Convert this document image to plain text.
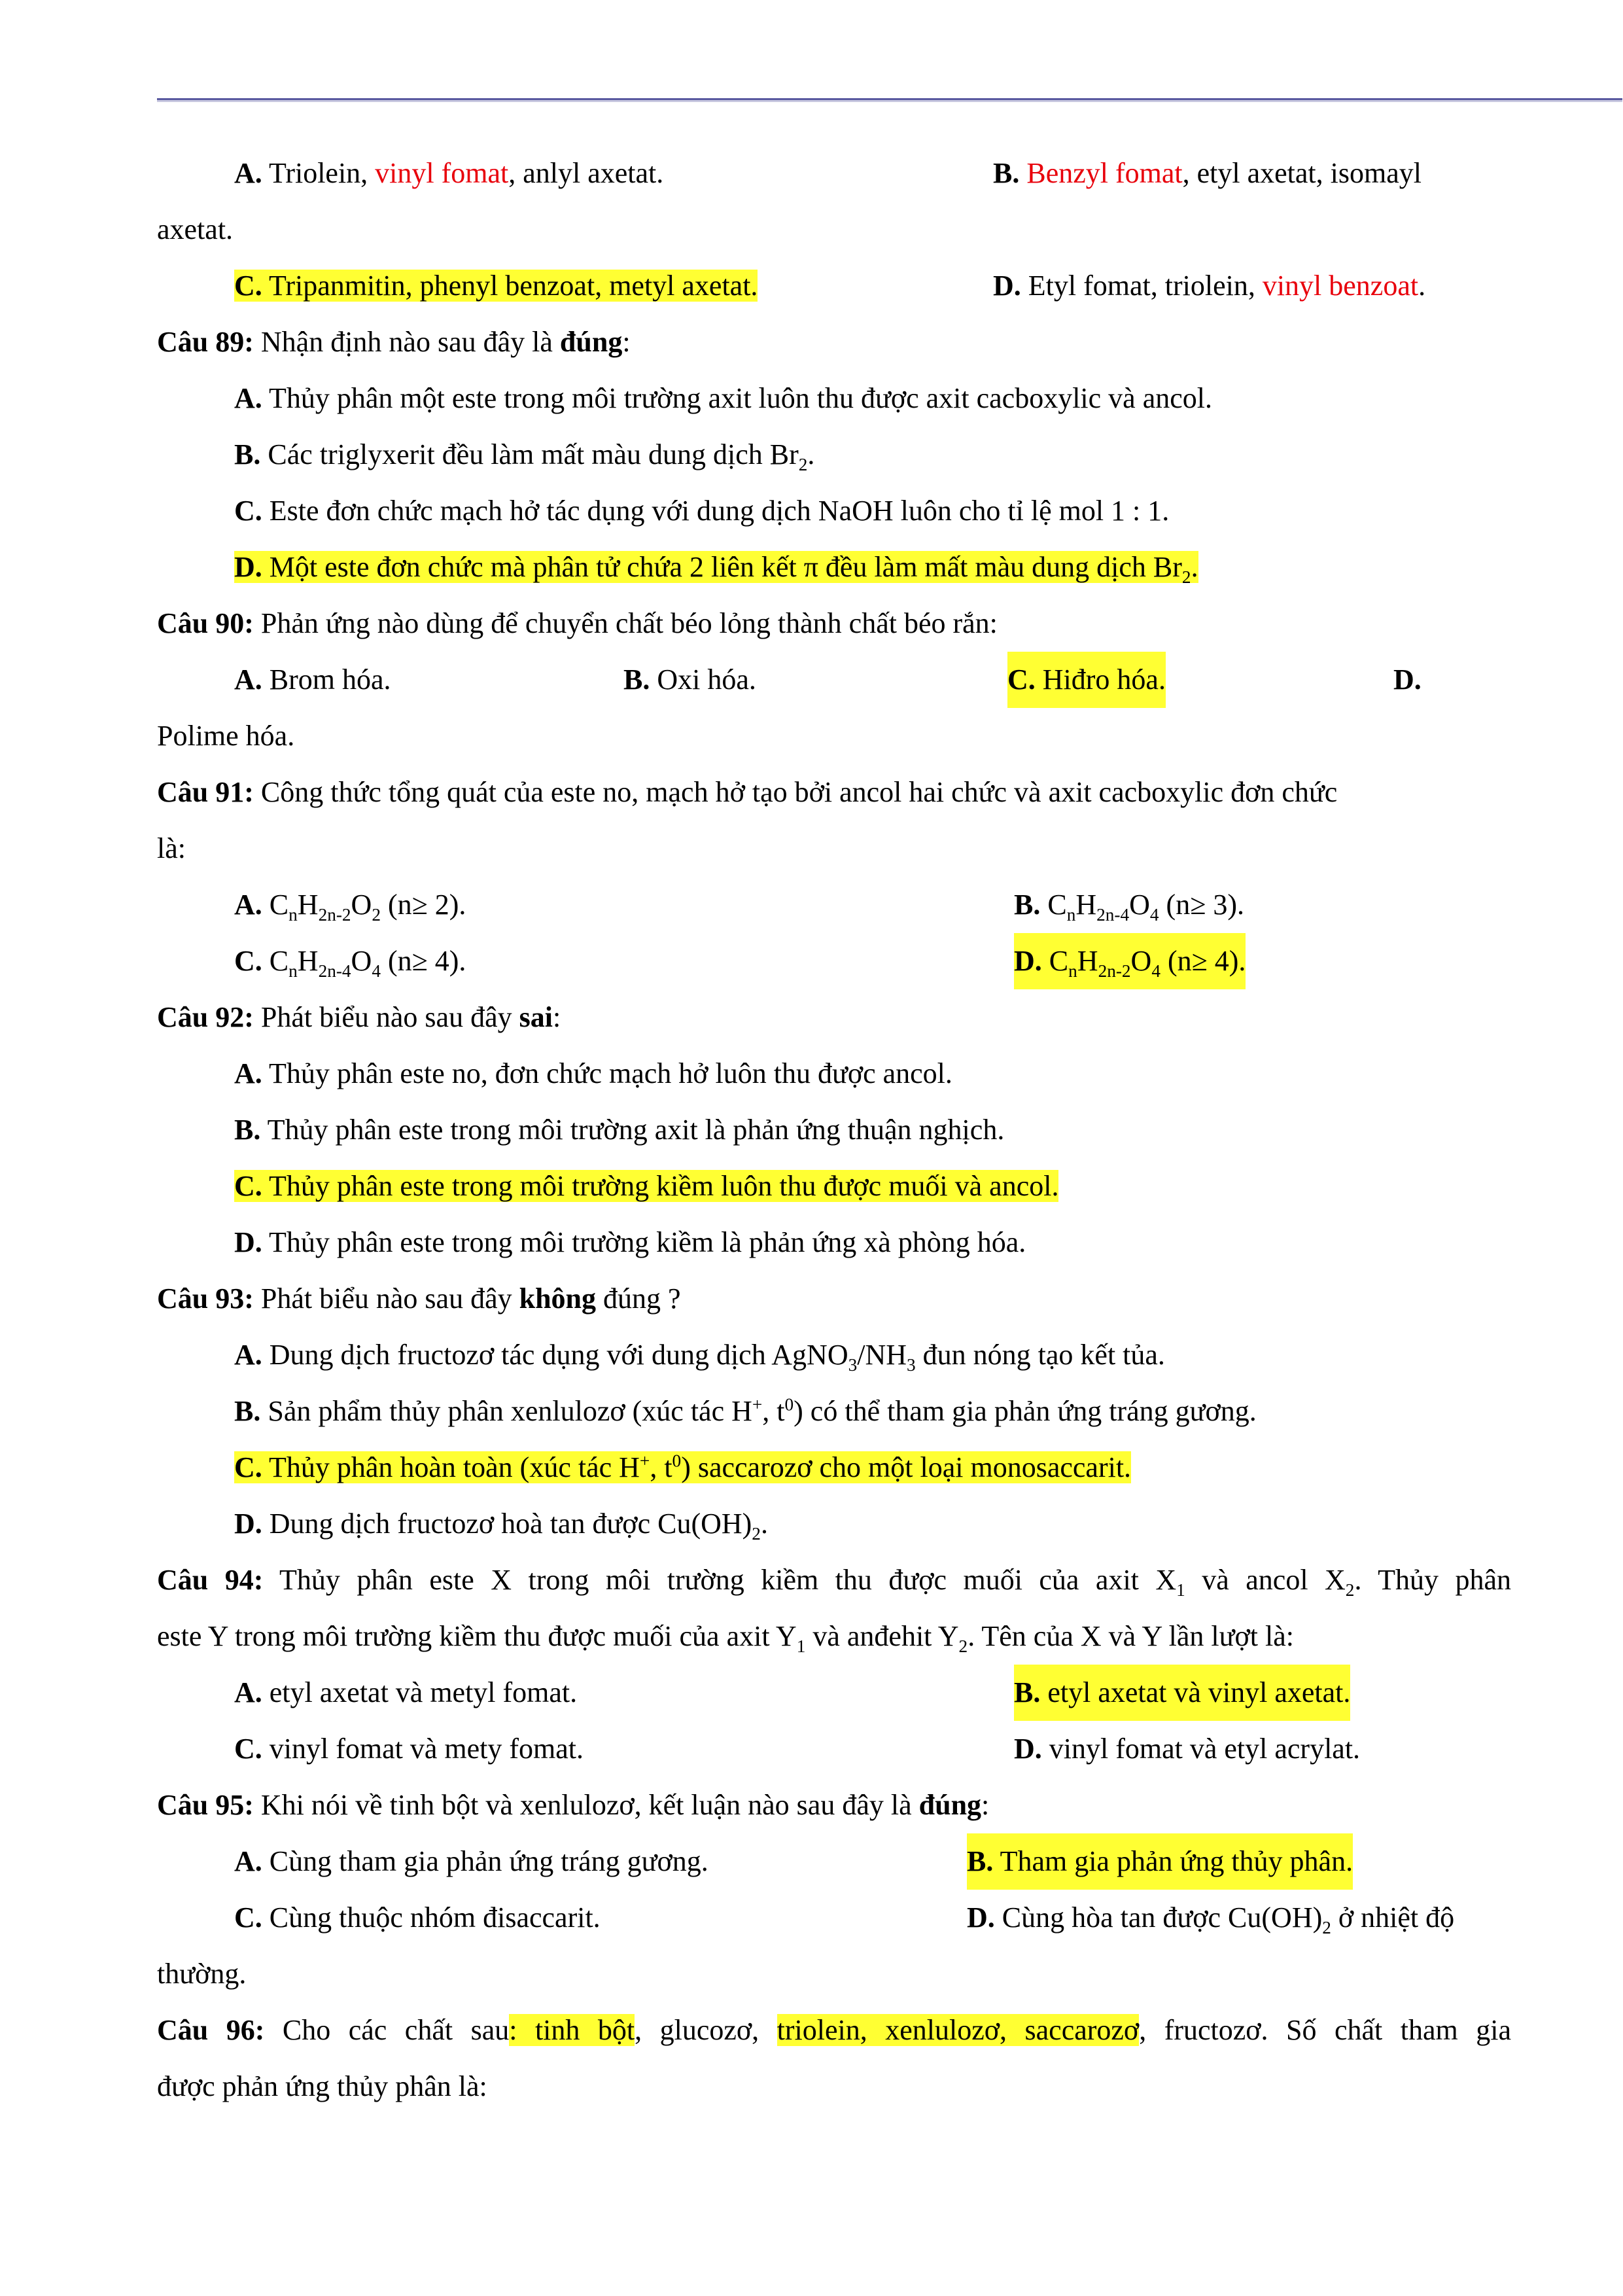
A. Triolein, vinyl fomat, anlyl axetat.	B. Benzyl fomat, etyl axetat, isomayl
axetat.
C. Tripanmitin, phenyl benzoat, metyl axetat.	D. Etyl fomat, triolein, vinyl benzoat.
Câu 89: Nhận định nào sau đây là đúng:
A. Thủy phân một este trong môi trường axit luôn thu được axit cacboxylic và ancol.
B. Các triglyxerit đều làm mất màu dung dịch $Br_2$.
C. Este đơn chức mạch hở tác dụng với dung dịch NaOH luôn cho tỉ lệ mol 1 : 1.
D. Một este đơn chức mà phân tử chứa 2 liên kết π đều làm mất màu dung dịch $Br_2$.
Câu 90: Phản ứng nào dùng để chuyển chất béo lỏng thành chất béo rắn:
A. Brom hóa.	B. Oxi hóa.	C. Hiđro hóa.	D.
Polime hóa.
Câu 91: Công thức tổng quát của este no, mạch hở tạo bởi ancol hai chức và axit cacboxylic đơn chức
là:
A. $C_nH_{2n-2}O_2$ (n≥ 2).	B. $C_nH_{2n-4}O_4$ (n≥ 3).
C. $C_nH_{2n-4}O_4$ (n≥ 4).	D. $C_nH_{2n-2}O_4$ (n≥ 4).
Câu 92: Phát biểu nào sau đây sai:
A. Thủy phân este no, đơn chức mạch hở luôn thu được ancol.
B. Thủy phân este trong môi trường axit là phản ứng thuận nghịch.
C. Thủy phân este trong môi trường kiềm luôn thu được muối và ancol.
D. Thủy phân este trong môi trường kiềm là phản ứng xà phòng hóa.
Câu 93: Phát biểu nào sau đây không đúng ?
A. Dung dịch fructozơ tác dụng với dung dịch $AgNO_3/NH_3$ đun nóng tạo kết tủa.
B. Sản phẩm thủy phân xenlulozơ (xúc tác H+, $t^0$) có thể tham gia phản ứng tráng gương.
C. Thủy phân hoàn toàn (xúc tác H+, $t^0$) saccarozơ cho một loại monosaccarit.
D. Dung dịch fructozơ hoà tan được $Cu(OH)_2$.
Câu 94: Thủy phân este X trong môi trường kiềm thu được muối của axit $X_1$ và ancol $X_2$. Thủy phân
este Y trong môi trường kiềm thu được muối của axit $Y_1$ và anđehit $Y_2$. Tên của X và Y lần lượt là:
A. etyl axetat và metyl fomat.	B. etyl axetat và vinyl axetat.
C. vinyl fomat và mety fomat.	D. vinyl fomat và etyl acrylat.
Câu 95: Khi nói về tinh bột và xenlulozơ, kết luận nào sau đây là đúng:
A. Cùng tham gia phản ứng tráng gương.	B. Tham gia phản ứng thủy phân.
C. Cùng thuộc nhóm đisaccarit.	D. Cùng hòa tan được $Cu(OH)_2$ ở nhiệt độ
thường.
Câu 96: Cho các chất sau: tinh bột, glucozơ, triolein, xenlulozơ, saccarozơ, fructozơ. Số chất tham gia
được phản ứng thủy phân là:
